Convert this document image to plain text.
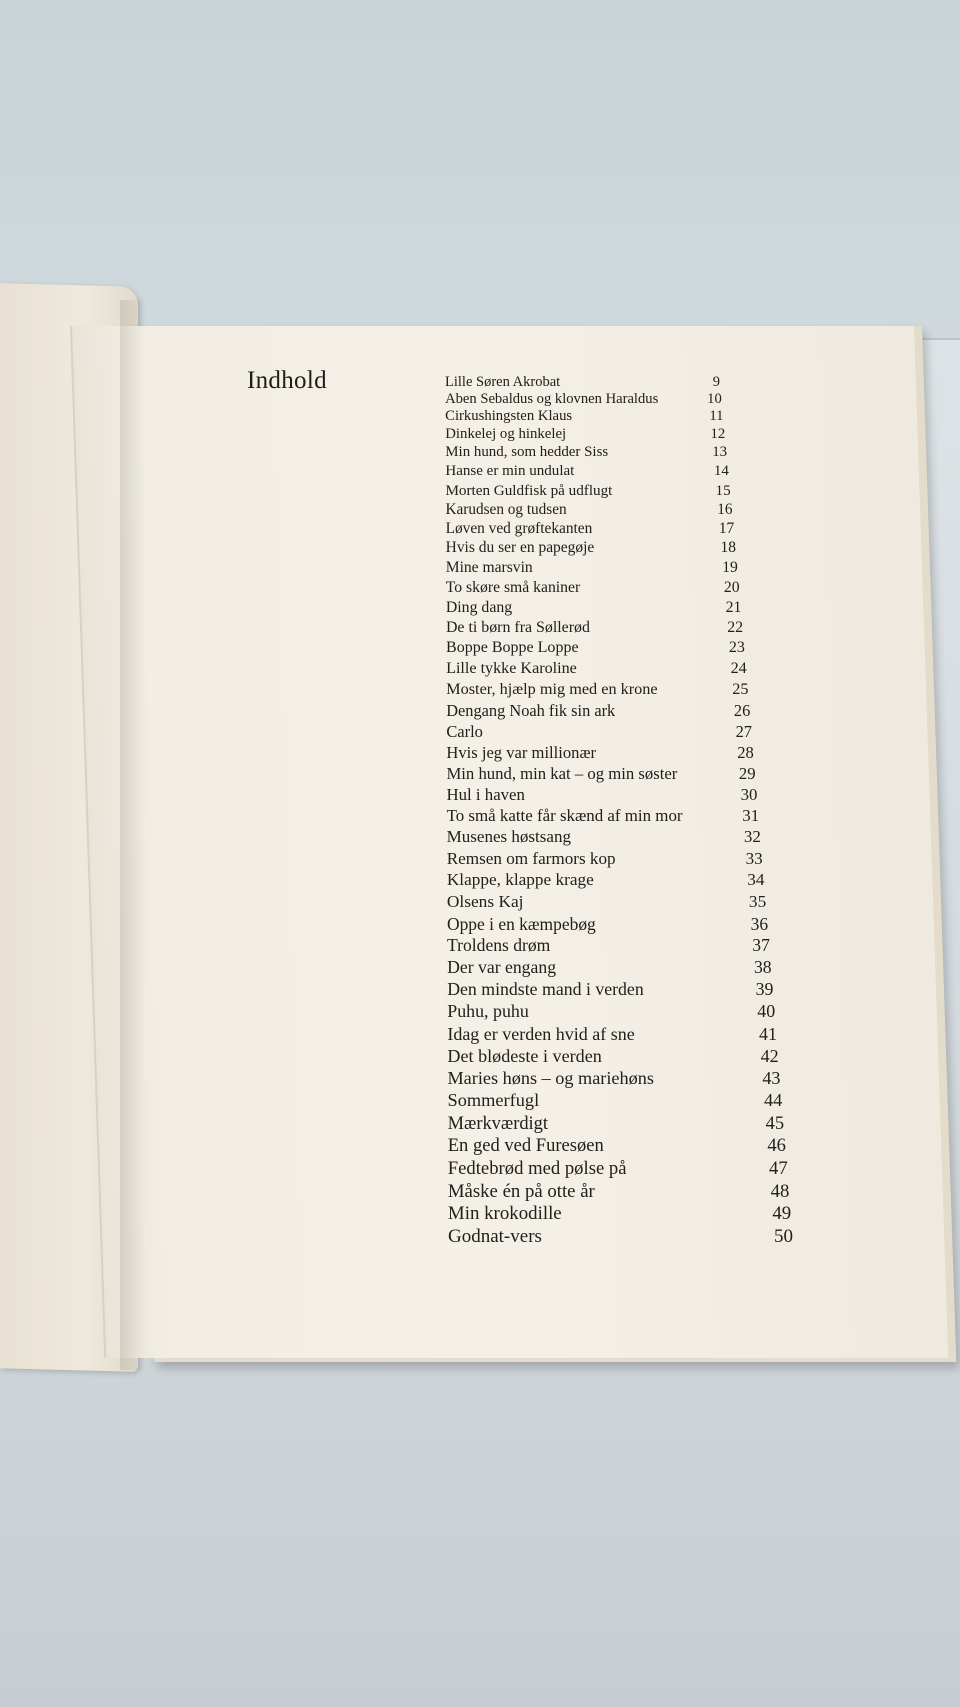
Indhold	Lille Søren Akrobat	9
Aben Sebaldus og klovnen Haraldus	10
Cirkushingsten Klaus	11
Dinkelej og hinkelej	12
Min hund, som hedder Siss	13
Hanse er min undulat	14
Morten Guldfisk på udflugt	15
Karudsen og tudsen	16
Løven ved grøftekanten	17
Hvis du ser en papegøje	18
Mine marsvin	19
To skøre små kaniner	20
Ding dang	21
De ti børn fra Søllerød	22
Boppe Boppe Loppe	23
Lille tykke Karoline	24
Moster, hjælp mig med en krone	25
Dengang Noah fik sin ark	26
Carlo	27
Hvis jeg var millionær	28
Min hund, min kat – og min søster	29
Hul i haven	30
To små katte får skænd af min mor	31
Musenes høstsang	32
Remsen om farmors kop	33
Klappe, klappe krage	34
Olsens Kaj	35
Oppe i en kæmpebøg	36
Troldens drøm	37
Der var engang	38
Den mindste mand i verden	39
Puhu, puhu	40
Idag er verden hvid af sne	41
Det blødeste i verden	42
Maries høns – og mariehøns	43
Sommerfugl	44
Mærkværdigt	45
En ged ved Furesøen	46
Fedtebrød med pølse på	47
Måske én på otte år	48
Min krokodille	49
Godnat-vers	50
